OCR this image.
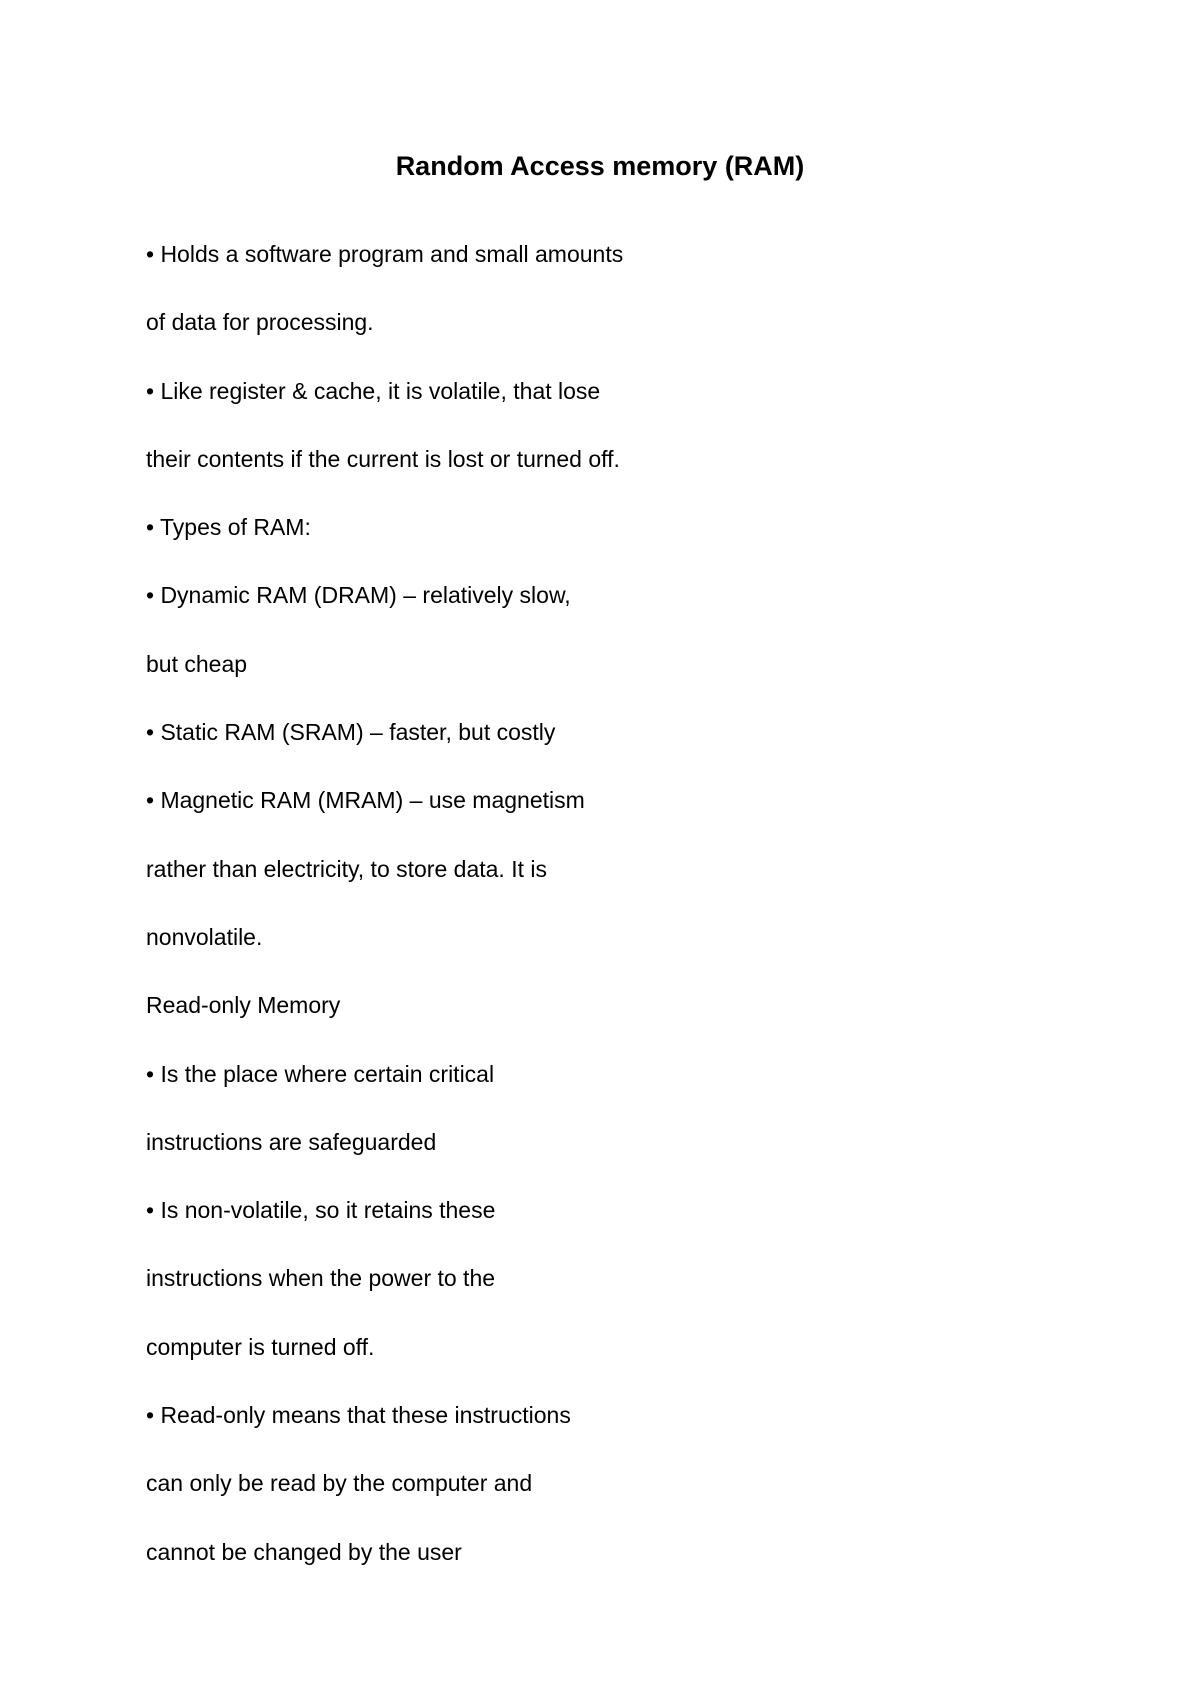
Random Access memory (RAM)

• Holds a software program and small amounts

of data for processing.

• Like register & cache, it is volatile, that lose

their contents if the current is lost or turned off.

• Types of RAM:

• Dynamic RAM (DRAM) – relatively slow,

but cheap

• Static RAM (SRAM) – faster, but costly

• Magnetic RAM (MRAM) – use magnetism

rather than electricity, to store data. It is

nonvolatile.

Read-only Memory

• Is the place where certain critical

instructions are safeguarded

• Is non-volatile, so it retains these

instructions when the power to the

computer is turned off.

• Read-only means that these instructions

can only be read by the computer and

cannot be changed by the user
